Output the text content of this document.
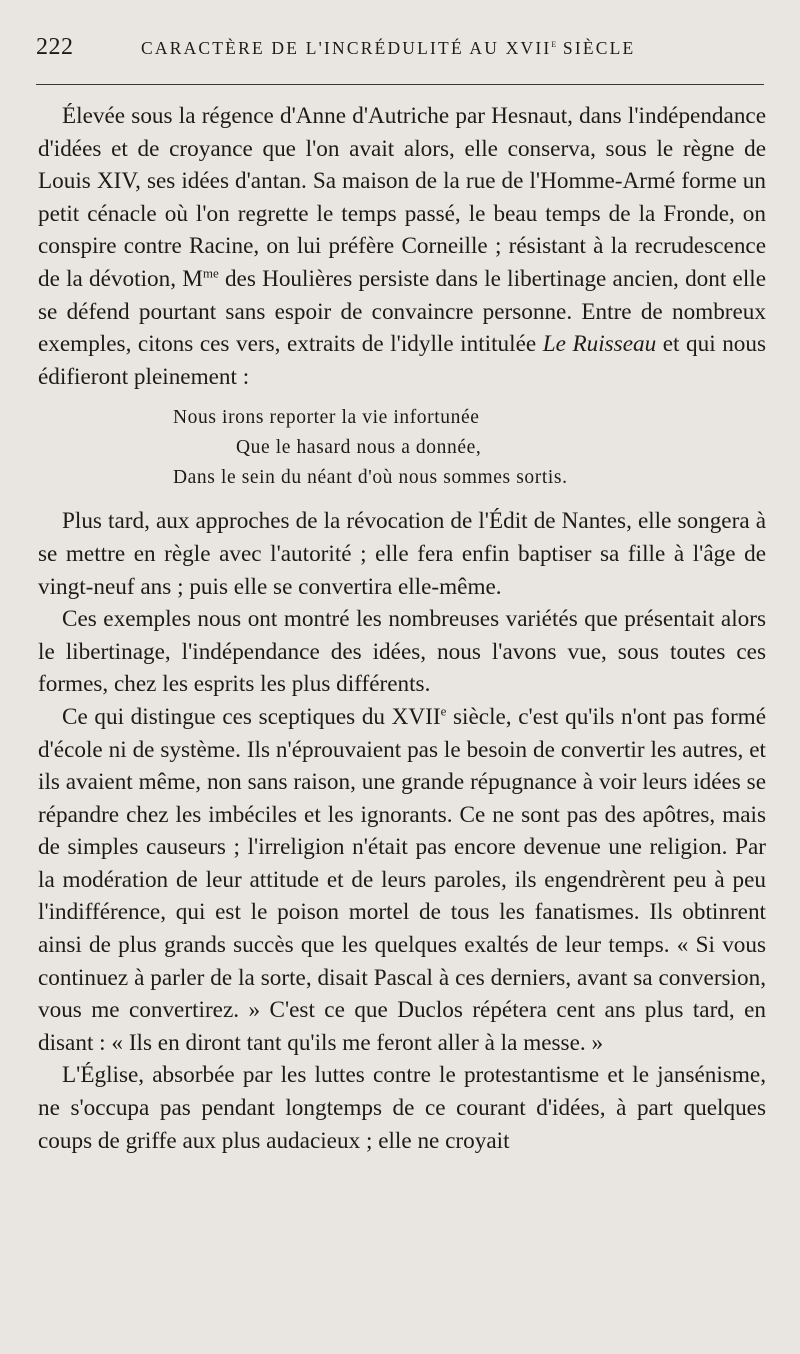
222	CARACTÈRE DE L'INCRÉDULITÉ AU XVIIe SIÈCLE

Élevée sous la régence d'Anne d'Autriche par Hesnaut, dans l'indépendance d'idées et de croyance que l'on avait alors, elle conserva, sous le règne de Louis XIV, ses idées d'antan. Sa maison de la rue de l'Homme-Armé forme un petit cénacle où l'on regrette le temps passé, le beau temps de la Fronde, on conspire contre Racine, on lui préfère Corneille ; résistant à la recrudescence de la dévotion, $M^{me}$ des Houlières persiste dans le libertinage ancien, dont elle se défend pourtant sans espoir de convaincre personne. Entre de nombreux exemples, citons ces vers, extraits de l'idylle intitulée Le Ruisseau et qui nous édifieront pleinement :

Nous irons reporter la vie infortunée
Que le hasard nous a donnée,
Dans le sein du néant d'où nous sommes sortis.

Plus tard, aux approches de la révocation de l'Édit de Nantes, elle songera à se mettre en règle avec l'autorité ; elle fera enfin baptiser sa fille à l'âge de vingt-neuf ans ; puis elle se convertira elle-même.

Ces exemples nous ont montré les nombreuses variétés que présentait alors le libertinage, l'indépendance des idées, nous l'avons vue, sous toutes ces formes, chez les esprits les plus différents.

Ce qui distingue ces sceptiques du XVIIe siècle, c'est qu'ils n'ont pas formé d'école ni de système. Ils n'éprouvaient pas le besoin de convertir les autres, et ils avaient même, non sans raison, une grande répugnance à voir leurs idées se répandre chez les imbéciles et les ignorants. Ce ne sont pas des apôtres, mais de simples causeurs ; l'irreligion n'était pas encore devenue une religion. Par la modération de leur attitude et de leurs paroles, ils engendrèrent peu à peu l'indifférence, qui est le poison mortel de tous les fanatismes. Ils obtinrent ainsi de plus grands succès que les quelques exaltés de leur temps. « Si vous continuez à parler de la sorte, disait Pascal à ces derniers, avant sa conversion, vous me convertirez. » C'est ce que Duclos répétera cent ans plus tard, en disant : « Ils en diront tant qu'ils me feront aller à la messe. »

L'Église, absorbée par les luttes contre le protestantisme et le jansénisme, ne s'occupa pas pendant longtemps de ce courant d'idées, à part quelques coups de griffe aux plus audacieux ; elle ne croyait
